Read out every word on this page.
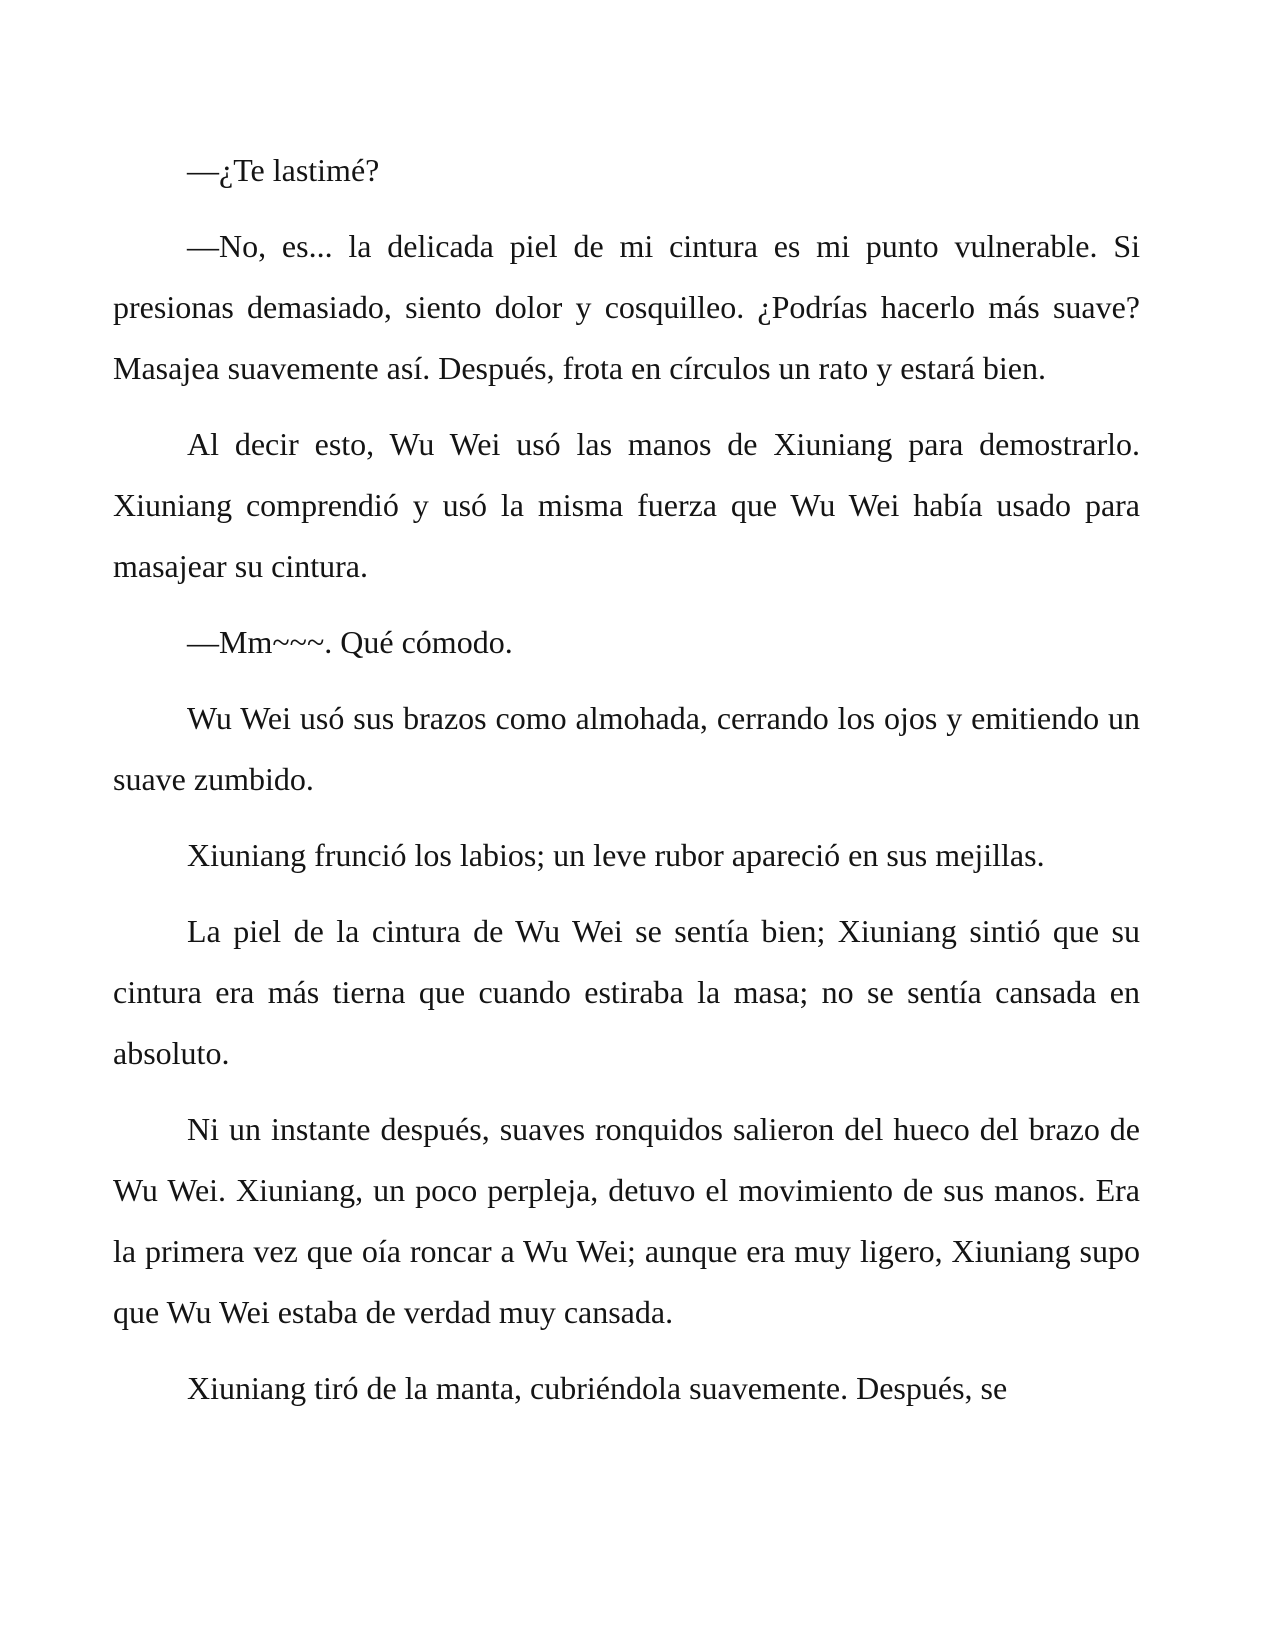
—¿Te lastimé?

—No, es... la delicada piel de mi cintura es mi punto vulnerable. Si presionas demasiado, siento dolor y cosquilleo. ¿Podrías hacerlo más suave? Masajea suavemente así. Después, frota en círculos un rato y estará bien.

Al decir esto, Wu Wei usó las manos de Xiuniang para demostrarlo. Xiuniang comprendió y usó la misma fuerza que Wu Wei había usado para masajear su cintura.

—Mm~~~. Qué cómodo.

Wu Wei usó sus brazos como almohada, cerrando los ojos y emitiendo un suave zumbido.

Xiuniang frunció los labios; un leve rubor apareció en sus mejillas.

La piel de la cintura de Wu Wei se sentía bien; Xiuniang sintió que su cintura era más tierna que cuando estiraba la masa; no se sentía cansada en absoluto.

Ni un instante después, suaves ronquidos salieron del hueco del brazo de Wu Wei. Xiuniang, un poco perpleja, detuvo el movimiento de sus manos. Era la primera vez que oía roncar a Wu Wei; aunque era muy ligero, Xiuniang supo que Wu Wei estaba de verdad muy cansada.

Xiuniang tiró de la manta, cubriéndola suavemente. Después, se
